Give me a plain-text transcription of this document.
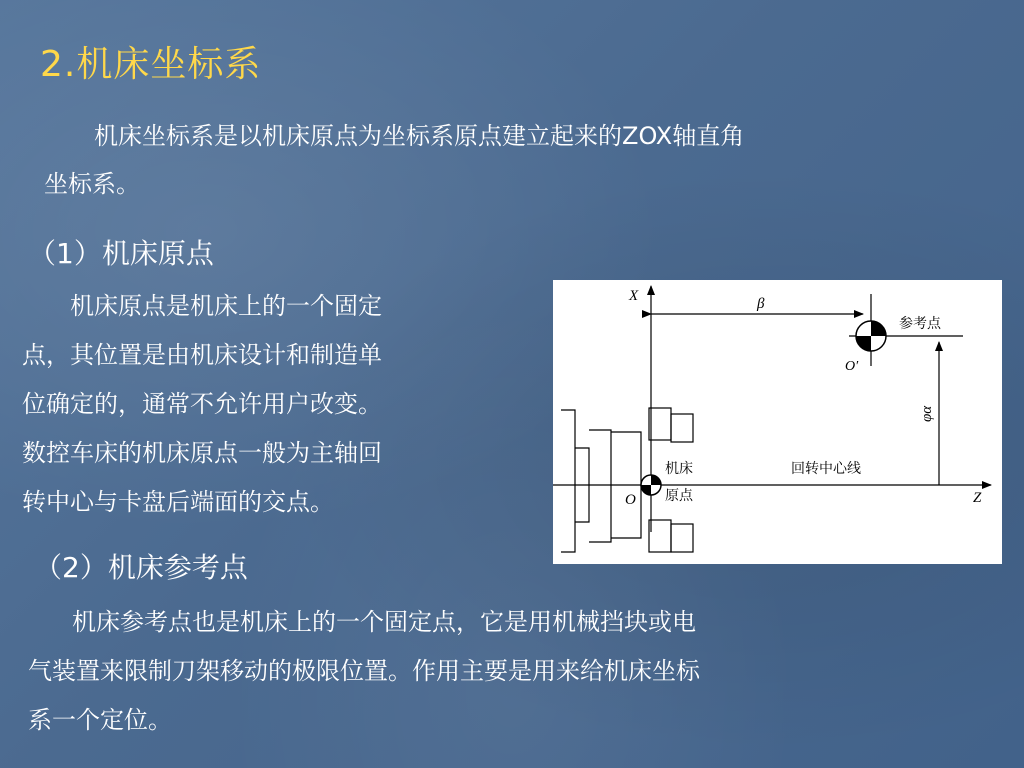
2.机床坐标系
机床坐标系是以机床原点为坐标系原点建立起来的ZOX轴直角
坐标系。
（1）机床原点
机床原点是机床上的一个固定
点，其位置是由机床设计和制造单
位确定的，通常不允许用户改变。
数控车床的机床原点一般为主轴回
转中心与卡盘后端面的交点。
X
Z
β
φα
参考点
O′
O
机床
原点
回转中心线
（2）机床参考点
机床参考点也是机床上的一个固定点，它是用机械挡块或电
气装置来限制刀架移动的极限位置。作用主要是用来给机床坐标
系一个定位。
